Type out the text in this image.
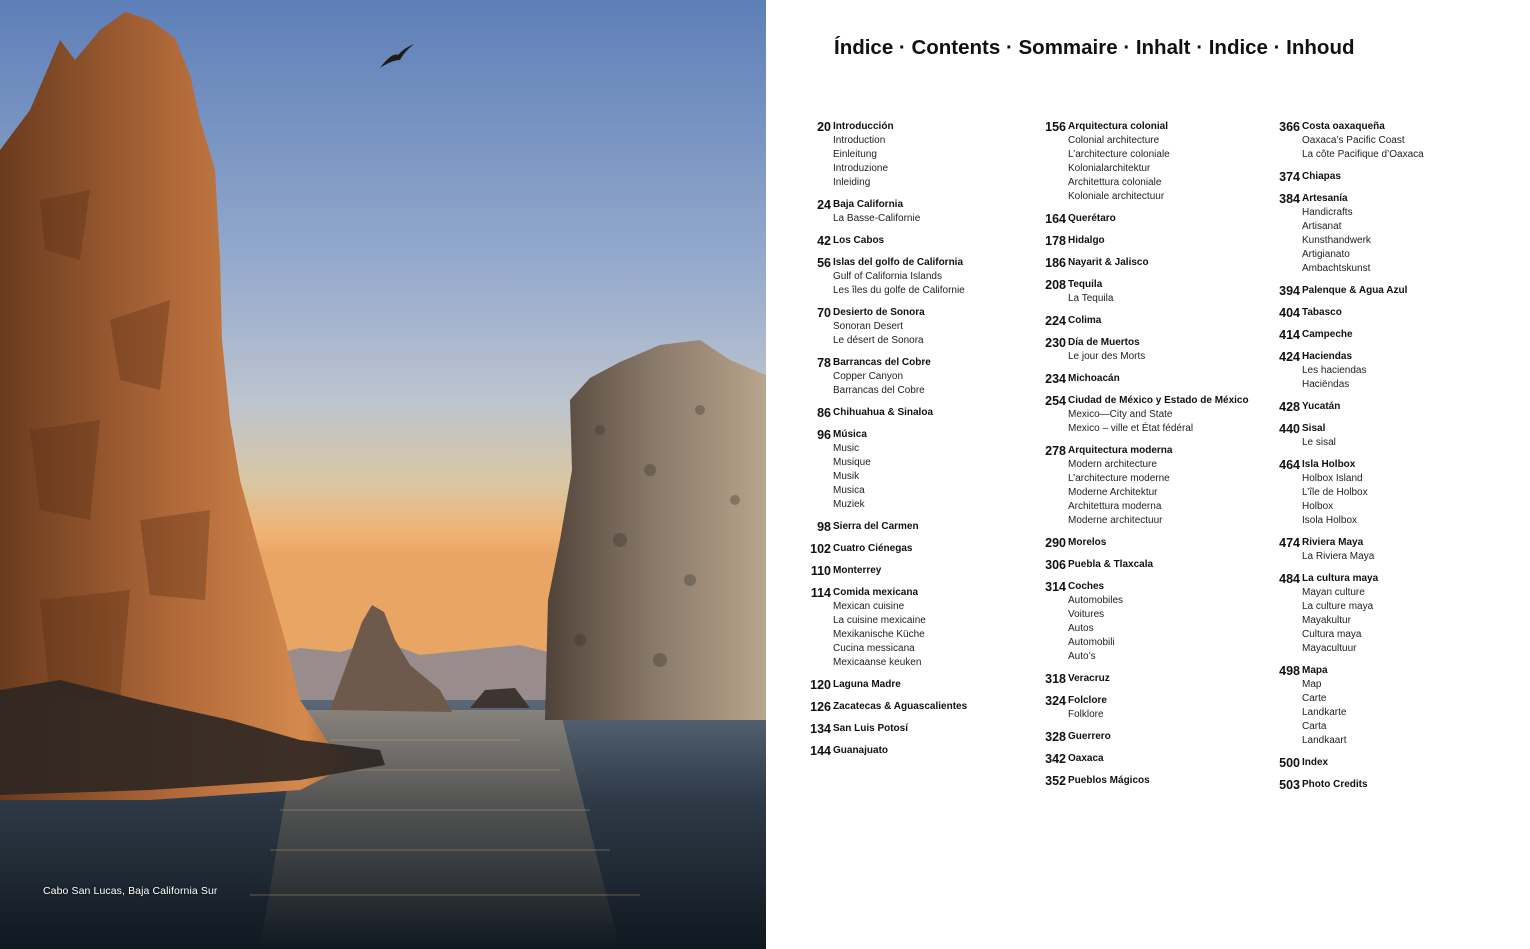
Cabo San Lucas, Baja California Sur
Índice · Contents · Sommaire · Inhalt · Indice · Inhoud
20 Introducción
Introduction
Einleitung
Introduzione
Inleiding
24 Baja California
La Basse-Californie
42 Los Cabos
56 Islas del golfo de California
Gulf of California Islands
Les îles du golfe de Californie
70 Desierto de Sonora
Sonoran Desert
Le désert de Sonora
78 Barrancas del Cobre
Copper Canyon
Barrancas del Cobre
86 Chihuahua & Sinaloa
96 Música
Music
Musique
Musik
Musica
Muziek
98 Sierra del Carmen
102 Cuatro Ciénegas
110 Monterrey
114 Comida mexicana
Mexican cuisine
La cuisine mexicaine
Mexikanische Küche
Cucina messicana
Mexicaanse keuken
120 Laguna Madre
126 Zacatecas & Aguascalientes
134 San Luis Potosí
144 Guanajuato
156 Arquitectura colonial
Colonial architecture
L’architecture coloniale
Kolonialarchitektur
Architettura coloniale
Koloniale architectuur
164 Querétaro
178 Hidalgo
186 Nayarit & Jalisco
208 Tequila
La Tequila
224 Colima
230 Día de Muertos
Le jour des Morts
234 Michoacán
254 Ciudad de México y Estado de México
Mexico—City and State
Mexico – ville et État fédéral
278 Arquitectura moderna
Modern architecture
L’architecture moderne
Moderne Architektur
Architettura moderna
Moderne architectuur
290 Morelos
306 Puebla & Tlaxcala
314 Coches
Automobiles
Voitures
Autos
Automobili
Auto’s
318 Veracruz
324 Folclore
Folklore
328 Guerrero
342 Oaxaca
352 Pueblos Mágicos
366 Costa oaxaqueña
Oaxaca’s Pacific Coast
La côte Pacifique d’Oaxaca
374 Chiapas
384 Artesanía
Handicrafts
Artisanat
Kunsthandwerk
Artigianato
Ambachtskunst
394 Palenque & Agua Azul
404 Tabasco
414 Campeche
424 Haciendas
Les haciendas
Haciëndas
428 Yucatán
440 Sisal
Le sisal
464 Isla Holbox
Holbox Island
L’île de Holbox
Holbox
Isola Holbox
474 Riviera Maya
La Riviera Maya
484 La cultura maya
Mayan culture
La culture maya
Mayakultur
Cultura maya
Mayacultuur
498 Mapa
Map
Carte
Landkarte
Carta
Landkaart
500 Index
503 Photo Credits
